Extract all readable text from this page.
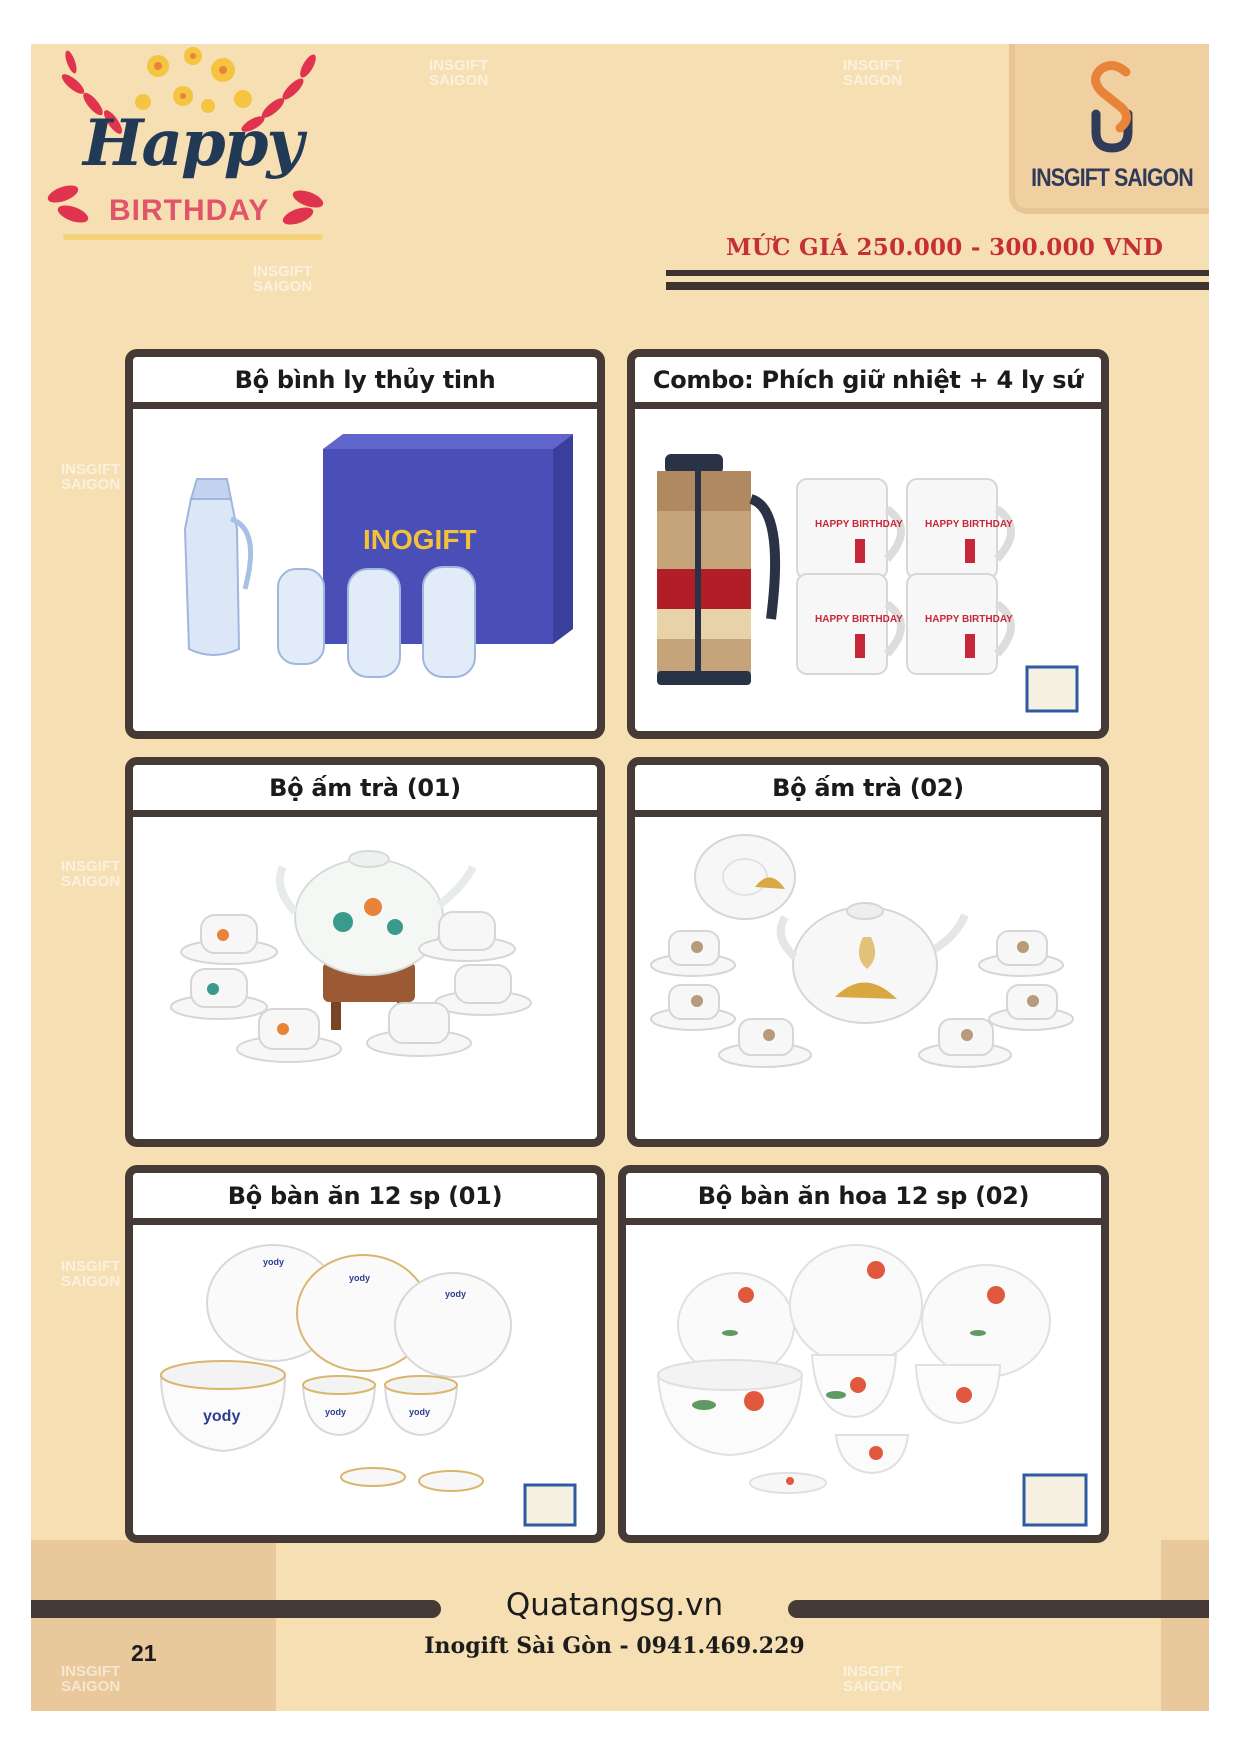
Happy
BIRTHDAY
INSGIFT SAIGON
MỨC GIÁ 250.000 - 300.000 VND
INSGIFT
SAIGON
INSGIFT
SAIGON
INSGIFT
SAIGON
INSGIFT
SAIGON
INSGIFT
SAIGON
INSGIFT
SAIGON
INSGIFT
SAIGON
INSGIFT
SAIGON
Bộ bình ly thủy tinh
INOGIFT
Combo: Phích giữ nhiệt + 4 ly sứ
HAPPY BIRTHDAY HAPPY BIRTHDAY
HAPPY BIRTHDAY HAPPY BIRTHDAY
Bộ ấm trà (01)	Bộ ấm trà (02)
Bộ bàn ăn 12 sp (01)
yody
yody
yody
yody
yody	yody
Bộ bàn ăn hoa 12 sp (02)
Quatangsg.vn
Inogift Sài Gòn - 0941.469.229
21
